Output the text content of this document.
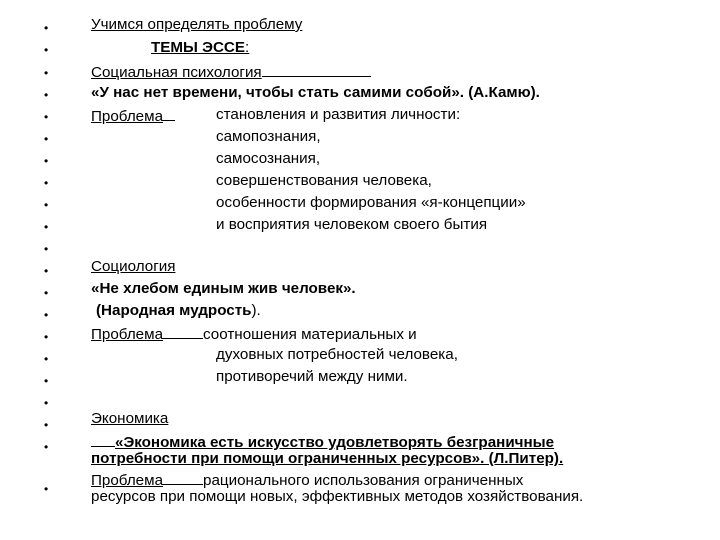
•
•
•
•
•
•
•
•
•
•
•
•
•
•
•
•
•
•
•
•
•
Учимся определять проблему
ТЕМЫ ЭССЕ:
Социальная психология
«У нас нет времени, чтобы стать самими собой». (А.Камю).
Проблема	становления и развития личности:
самопознания,
самосознания,
совершенствования человека,
особенности формирования «я-концепции»
и восприятия человеком своего бытия
Социология
«Не хлебом единым жив человек».
(Народная мудрость).
Проблема	соотношения материальных и
духовных потребностей человека,
противоречий между ними.
Экономика
«Экономика есть искусство удовлетворять безграничные
потребности при помощи ограниченных ресурсов». (Л.Питер).
Проблема	рационального использования ограниченных
ресурсов при помощи новых, эффективных методов хозяйствования.
